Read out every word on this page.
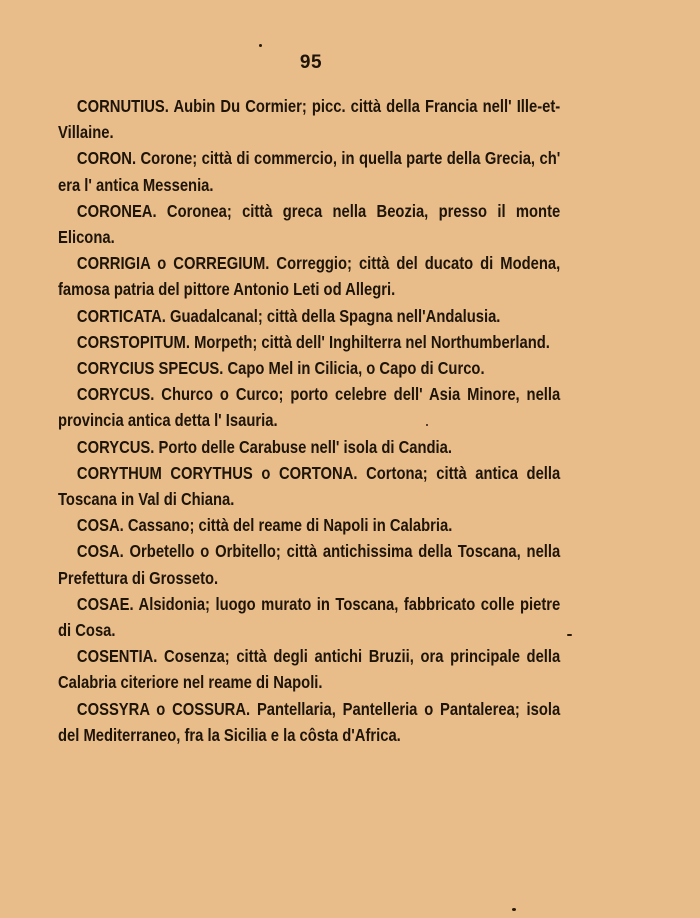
95
CORNUTIUS. Aubin Du Cormier; picc. città della Francia nell' Ille-et-Villaine.
CORON. Corone; città di commercio, in quella parte della Grecia, ch' era l' antica Messenia.
CORONEA. Coronea; città greca nella Beozia, presso il monte Elicona.
CORRIGIA o CORREGIUM. Correggio; città del ducato di Modena, famosa patria del pittore Antonio Leti od Allegri.
CORTICATA. Guadalcanal; città della Spagna nell'Andalusia.
CORSTOPITUM. Morpeth; città dell' Inghilterra nel Northumberland.
CORYCIUS SPECUS. Capo Mel in Cilicia, o Capo di Curco.
CORYCUS. Churco o Curco; porto celebre dell' Asia Minore, nella provincia antica detta l' Isauria.
CORYCUS. Porto delle Carabuse nell' isola di Candia.
CORYTHUM CORYTHUS o CORTONA. Cortona; città antica della Toscana in Val di Chiana.
COSA. Cassano; città del reame di Napoli in Calabria.
COSA. Orbetello o Orbitello; città antichissima della Toscana, nella Prefettura di Grosseto.
COSAE. Alsidonia; luogo murato in Toscana, fabbricato colle pietre di Cosa.
COSENTIA. Cosenza; città degli antichi Bruzii, ora principale della Calabria citeriore nel reame di Napoli.
COSSYRA o COSSURA. Pantellaria, Pantelleria o Pantalerea; isola del Mediterraneo, fra la Sicilia e la côsta d'Africa.
